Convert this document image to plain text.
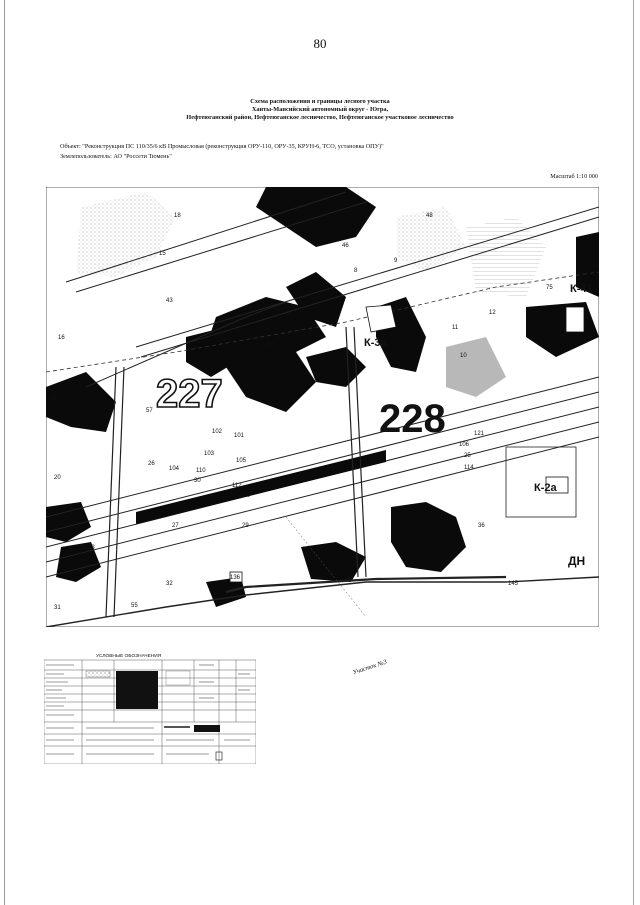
80
Схема расположения и границы лесного участка
Ханты-Мансийский автономный округ - Югра,
Нефтеюганский район, Нефтеюганское лесничество, Нефтеюганское участковое лесничество
Объект: "Реконструкция ПС 110/35/6 кВ Промысловая (реконструкция ОРУ-110, ОРУ-35, КРУН-6, ТСО, установка ОПУ)"
Землепользователь: АО "Россети Тюмень"
Масштаб 1:10 000
227
228
К-3а
К-2а
К-41
ДН
8
9
10
11
12
15
16
17
18
20
22
25
26
27
28
29
30
31
32
33
36
43
46
48
55
57
75
94
101
102
103
104
105
106
110
112
114
120
121
136
145
Участок №3
УСЛОВНЫЕ ОБОЗНАЧЕНИЯ
